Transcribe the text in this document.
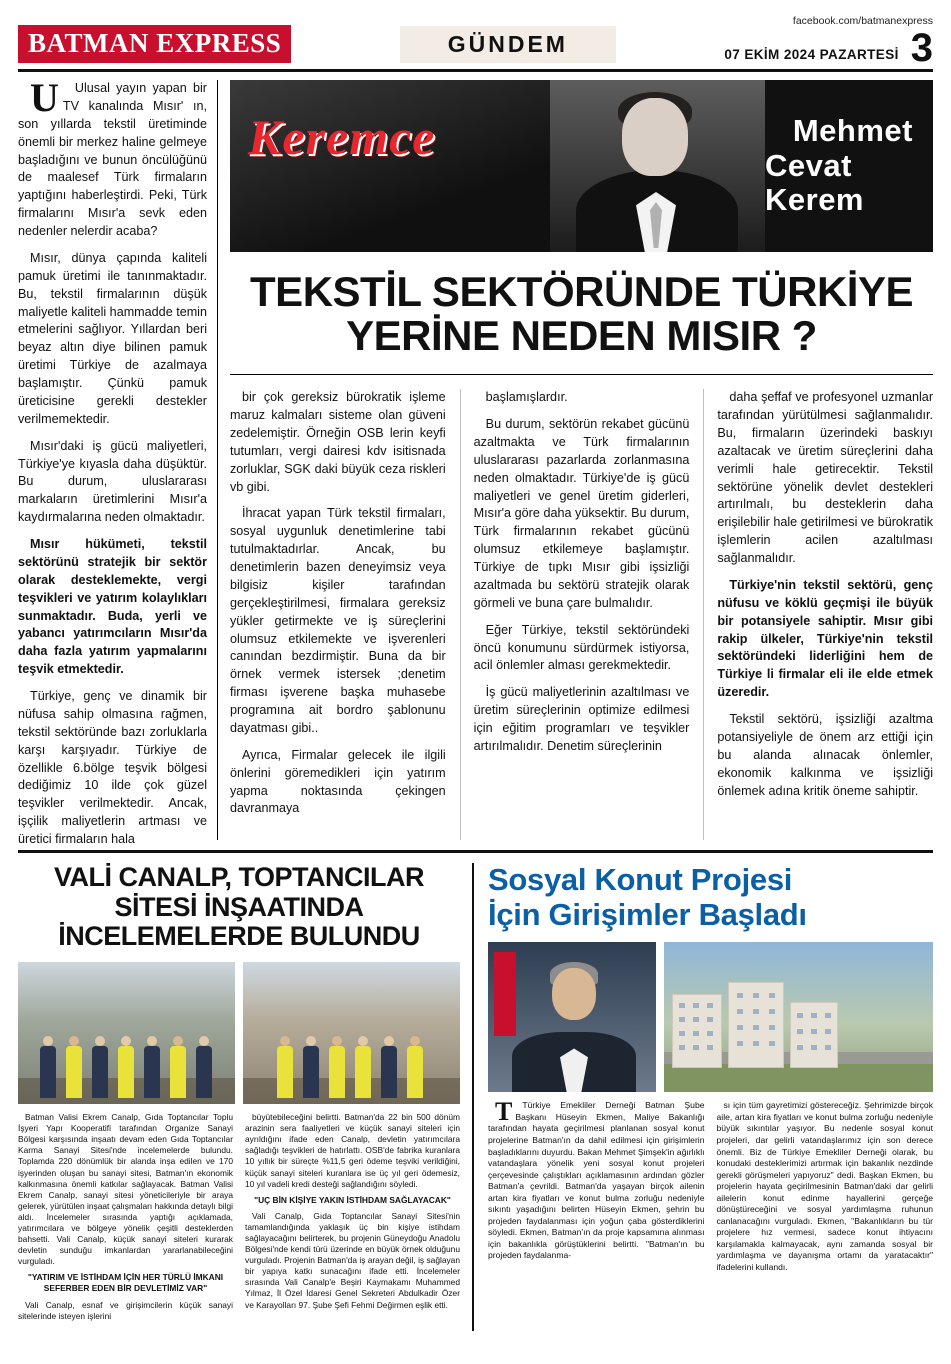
BATMAN EXPRESS	GÜNDEM
facebook.com/batmanexpress
07 EKİM 2024 PAZARTESİ 3

U	Ulusal yayın yapan bir TV kanalında Mısır' ın, son yıllarda tekstil üretiminde önemli bir merkez haline gelmeye başladığını ve bunun öncülüğünü de maalesef Türk firmaların yaptığını haberleştirdi. Peki, Türk firmalarını Mısır'a sevk eden nedenler nelerdir acaba?

Mısır, dünya çapında kaliteli pamuk üretimi ile tanınmaktadır. Bu, tekstil firmalarının düşük maliyetle kaliteli hammadde temin etmelerini sağlıyor. Yıllardan beri beyaz altın diye bilinen pamuk üretimi Türkiye de azalmaya başlamıştır. Çünkü pamuk üreticisine gerekli destekler verilmemektedir.

Mısır'daki iş gücü maliyetleri, Türkiye'ye kıyasla daha düşüktür. Bu durum, uluslararası markaların üretimlerini Mısır'a kaydırmalarına neden olmaktadır.

Mısır hükümeti, tekstil sektörünü stratejik bir sektör olarak desteklemekte, vergi teşvikleri ve yatırım kolaylıkları sunmaktadır. Buda, yerli ve yabancı yatırımcıların Mısır'da daha fazla yatırım yapmalarını teşvik etmektedir.

Türkiye, genç ve dinamik bir nüfusa sahip olmasına rağmen, tekstil sektöründe bazı zorluklarla karşı karşıyadır. Türkiye de özellikle 6.bölge teşvik bölgesi dediğimiz 10 ilde çok güzel teşvikler verilmektedir. Ancak, işçilik maliyetlerin artması ve üretici firmaların hala

Keremce	Mehmet
Cevat Kerem
TEKSTİL SEKTÖRÜNDE TÜRKİYE YERİNE NEDEN MISIR ?

bir çok gereksiz bürokratik işleme maruz kalmaları sisteme olan güveni zedelemiştir. Örneğin OSB lerin keyfi tutumları, vergi dairesi kdv isitisnada zorluklar, SGK daki büyük ceza riskleri vb gibi.

İhracat yapan Türk tekstil firmaları, sosyal uygunluk denetimlerine tabi tutulmaktadırlar. Ancak, bu denetimlerin bazen deneyimsiz veya bilgisiz kişiler tarafından gerçekleştirilmesi, firmalara gereksiz yükler getirmekte ve iş süreçlerini olumsuz etkilemekte ve işverenleri canından bezdirmiştir. Buna da bir örnek vermek istersek ;denetim firması işverene başka muhasebe programına ait bordro şablonunu dayatması gibi..

Ayrıca, Firmalar gelecek ile ilgili önlerini göremedikleri için yatırım yapma noktasında çekingen davranmaya

başlamışlardır.

Bu durum, sektörün rekabet gücünü azaltmakta ve Türk firmalarının uluslararası pazarlarda zorlanmasına neden olmaktadır. Türkiye'de iş gücü maliyetleri ve genel üretim giderleri, Mısır'a göre daha yüksektir. Bu durum, Türk firmalarının rekabet gücünü olumsuz etkilemeye başlamıştır. Türkiye de tıpkı Mısır gibi işsizliği azaltmada bu sektörü stratejik olarak görmeli ve buna çare bulmalıdır.

Eğer Türkiye, tekstil sektöründeki öncü konumunu sürdürmek istiyorsa, acil önlemler alması gerekmektedir.

İş gücü maliyetlerinin azaltılması ve üretim süreçlerinin optimize edilmesi için eğitim programları ve teşvikler artırılmalıdır. Denetim süreçlerinin

daha şeffaf ve profesyonel uzmanlar tarafından yürütülmesi sağlanmalıdır. Bu, firmaların üzerindeki baskıyı azaltacak ve üretim süreçlerini daha verimli hale getirecektir. Tekstil sektörüne yönelik devlet destekleri artırılmalı, bu desteklerin daha erişilebilir hale getirilmesi ve bürokratik işlemlerin acilen azaltılması sağlanmalıdır.

Türkiye'nin tekstil sektörü, genç nüfusu ve köklü geçmişi ile büyük bir potansiyele sahiptir. Mısır gibi rakip ülkeler, Türkiye'nin tekstil sektöründeki liderliğini hem de Türkiye li firmalar eli ile elde etmek üzeredir.

Tekstil sektörü, işsizliği azaltma potansiyeliyle de önem arz ettiği için bu alanda alınacak önlemler, ekonomik kalkınma ve işsizliği önlemek adına kritik öneme sahiptir.

VALİ CANALP, TOPTANCILAR SİTESİ İNŞAATINDA İNCELEMELERDE BULUNDU

Batman Valisi Ekrem Canalp, Gıda Toptancılar Toplu İşyeri Yapı Kooperatifi tarafından Organize Sanayi Bölgesi karşısında inşaatı devam eden Gıda Toptancılar Karma Sanayi Sitesi'nde incelemelerde bulundu. Toplamda 220 dönümlük bir alanda inşa edilen ve 170 işyerinden oluşan bu sanayi sitesi, Batman'ın ekonomik kalkınmasına önemli katkılar sağlayacak. Batman Valisi Ekrem Canalp, sanayi sitesi yöneticileriyle bir araya gelerek, yürütülen inşaat çalışmaları hakkında detaylı bilgi aldı. İncelemeler sırasında yaptığı açıklamada, yatırımcılara ve bölgeye yönelik çeşitli desteklerden bahsetti. Vali Canalp, küçük sanayi siteleri kurarak devletin sunduğu imkanlardan yararlanabileceğini vurguladı.

"YATIRIM VE İSTİHDAM İÇİN HER TÜRLÜ İMKANI SEFERBER EDEN BİR DEVLETİMİZ VAR"

Vali Canalp, esnaf ve girişimcilerin küçük sanayi sitelerinde isteyen işlerini

büyütebileceğini belirtti. Batman'da 22 bin 500 dönüm arazinin sera faaliyetleri ve küçük sanayi siteleri için ayrıldığını ifade eden Canalp, devletin yatırımcılara sağladığı teşvikleri de hatırlattı. OSB'de fabrika kuranlara 10 yıllık bir süreçte %11,5 geri ödeme teşviki verildiğini, küçük sanayi siteleri kuranlara ise üç yıl geri ödemesiz, 10 yıl vadeli kredi desteği sağlandığını söyledi.

"UÇ BİN KİŞİYE YAKIN İSTİHDAM SAĞLAYACAK"

Vali Canalp, Gıda Toptancılar Sanayi Sitesi'nin tamamlandığında yaklaşık üç bin kişiye istihdam sağlayacağını belirterek, bu projenin Güneydoğu Anadolu Bölgesi'nde kendi türü üzerinde en büyük örnek olduğunu vurguladı. Projenin Batman'da iş arayan değil, iş sağlayan bir yapıya katkı sunacağını ifade etti. İncelemeler sırasında Vali Canalp'e Beşiri Kaymakamı Muhammed Yılmaz, İl Özel İdaresi Genel Sekreteri Abdulkadir Özer ve Karayolları 97. Şube Şefi Fehmi Değirmen eşlik etti.

Sosyal Konut Projesi
İçin Girişimler Başladı

T	Türkiye Emekliler Derneği Batman Şube Başkanı Hüseyin Ekmen, Maliye Bakanlığı tarafından hayata geçirilmesi planlanan sosyal konut projelerine Batman'ın da dahil edilmesi için girişimlerin başladıklarını duyurdu. Bakan Mehmet Şimşek'in ağırlıklı vatandaşlara yönelik yeni sosyal konut projeleri çerçevesinde çalıştıkları açıklamasının ardından gözler Batman'a çevrildi. Batman'da yaşayan birçok ailenin artan kira fiyatları ve konut bulma zorluğu nedeniyle sıkıntı yaşadığını belirten Hüseyin Ekmen, şehrin bu projeden faydalanması için yoğun çaba gösterdiklerini söyledi. Ekmen, Batman'ın da proje kapsamına alınması için bakanlıkla görüştüklerini belirtti. "Batman'ın bu projeden faydalanma-

sı için tüm gayretimizi göstereceğiz. Şehrimizde birçok aile, artan kira fiyatları ve konut bulma zorluğu nedeniyle büyük sıkıntılar yaşıyor. Bu nedenle sosyal konut projeleri, dar gelirli vatandaşlarımız için son derece önemli. Biz de Türkiye Emekliler Derneği olarak, bu konudaki desteklerimizi artırmak için bakanlık nezdinde gerekli görüşmeleri yapıyoruz" dedi. Başkan Ekmen, bu projelerin hayata geçirilmesinin Batman'daki dar gelirli ailelerin konut edinme hayallerini gerçeğe dönüştüreceğini ve sosyal yardımlaşma ruhunun canlanacağını vurguladı. Ekmen, "Bakanlıkların bu tür projelere hız vermesi, sadece konut ihtiyacını karşılamakla kalmayacak, aynı zamanda sosyal bir yardımlaşma ve dayanışma ortamı da yaratacaktır" ifadelerini kullandı.
